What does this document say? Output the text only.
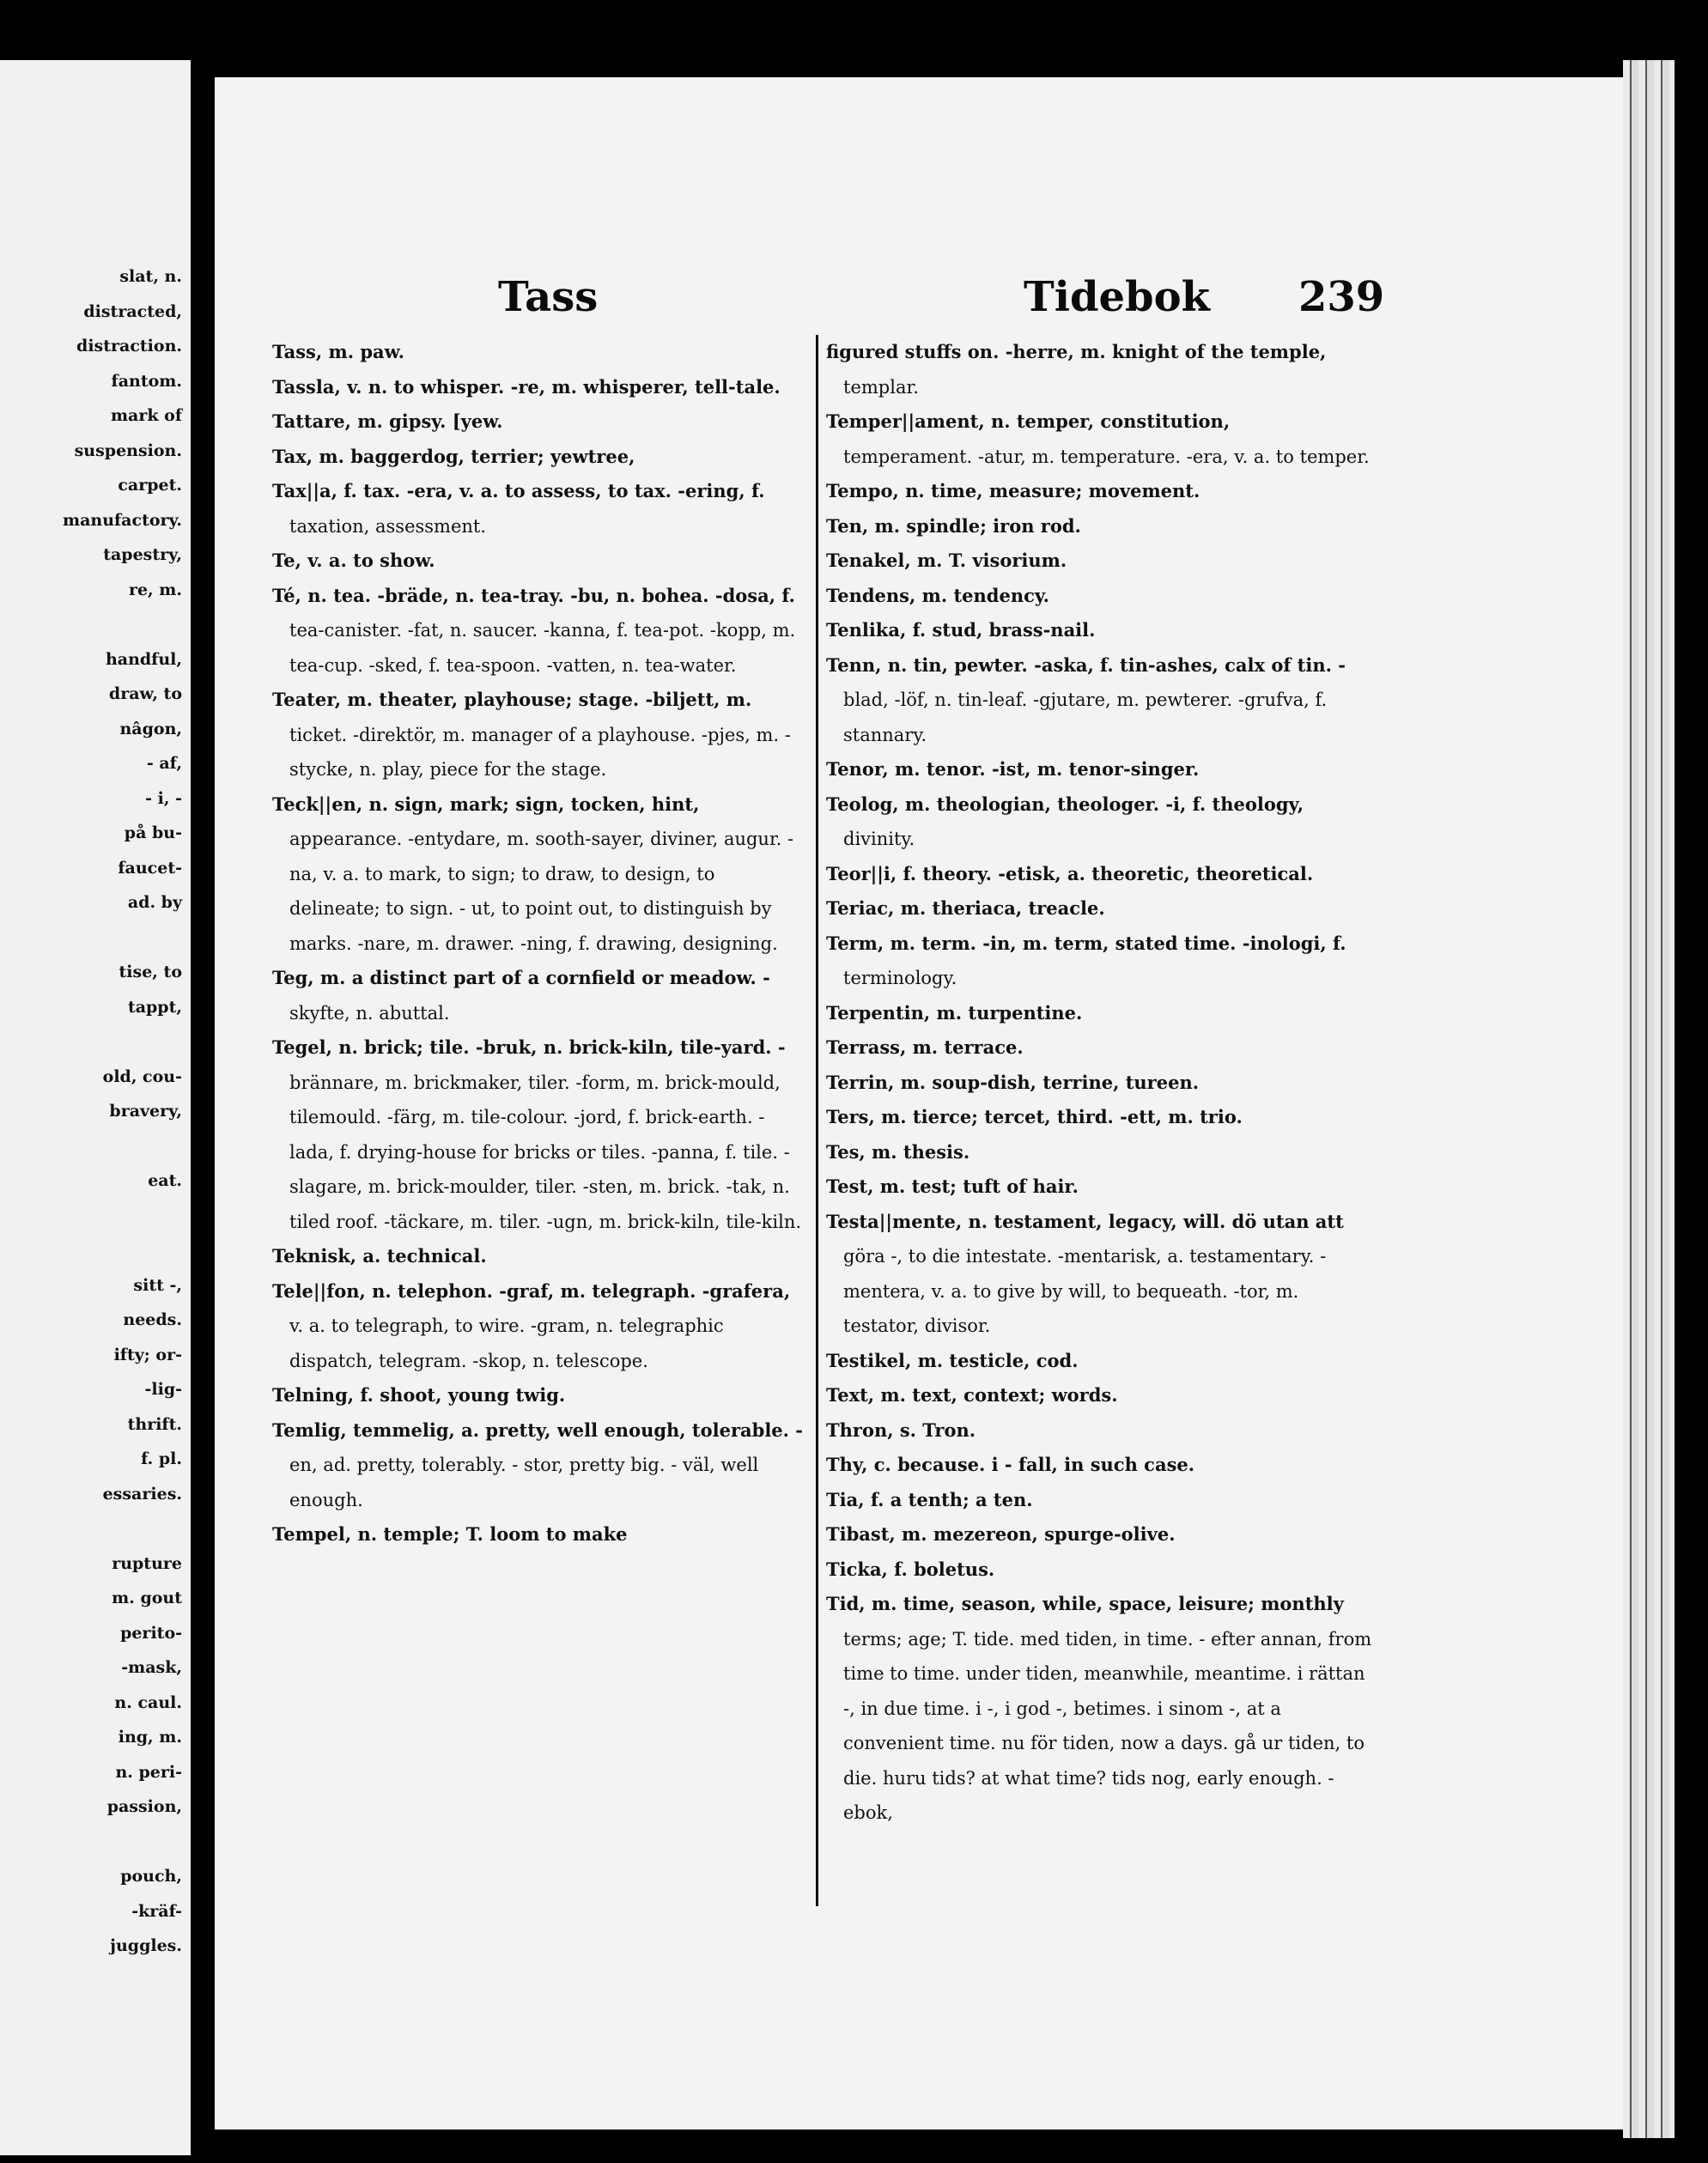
slat, n.
distracted,
distraction.
fantom.
mark of
suspension.
carpet.
manufactory.
tapestry,
re, m.

handful,
draw, to
nâgon,
- af,
- i, -
på bu-
faucet-
ad. by

tise, to
tappt,

old, cou-
bravery,

eat.

sitt -,
needs.
ifty; or-
-lig-
thrift.
f. pl.
essaries.

rupture
m. gout
perito-
-mask,
n. caul.
ing, m.
n. peri-
passion,

pouch,
-kräf-
juggles.
Tass	Tidebok 239
Tass, m. paw.
Tassla, v. n. to whisper. -re, m. whisperer, tell-tale.
Tattare, m. gipsy. [yew.
Tax, m. baggerdog, terrier; yewtree,
Tax||a, f. tax. -era, v. a. to assess, to tax. -ering, f. taxation, assessment.
Te, v. a. to show.
Té, n. tea. -bräde, n. tea-tray. -bu, n. bohea. -dosa, f. tea-canister. -fat, n. saucer. -kanna, f. tea-pot. -kopp, m. tea-cup. -sked, f. tea-spoon. -vatten, n. tea-water.
Teater, m. theater, playhouse; stage. -biljett, m. ticket. -direktör, m. manager of a playhouse. -pjes, m. -stycke, n. play, piece for the stage.
Teck||en, n. sign, mark; sign, tocken, hint, appearance. -entydare, m. sooth-sayer, diviner, augur. -na, v. a. to mark, to sign; to draw, to design, to delineate; to sign. - ut, to point out, to distinguish by marks. -nare, m. drawer. -ning, f. drawing, designing.
Teg, m. a distinct part of a cornfield or meadow. -skyfte, n. abuttal.
Tegel, n. brick; tile. -bruk, n. brick-kiln, tile-yard. -brännare, m. brickmaker, tiler. -form, m. brick-mould, tilemould. -färg, m. tile-colour. -jord, f. brick-earth. -lada, f. drying-house for bricks or tiles. -panna, f. tile. -slagare, m. brick-moulder, tiler. -sten, m. brick. -tak, n. tiled roof. -täckare, m. tiler. -ugn, m. brick-kiln, tile-kiln.
Teknisk, a. technical.
Tele||fon, n. telephon. -graf, m. telegraph. -grafera, v. a. to telegraph, to wire. -gram, n. telegraphic dispatch, telegram. -skop, n. telescope.
Telning, f. shoot, young twig.
Temlig, temmelig, a. pretty, well enough, tolerable. -en, ad. pretty, tolerably. - stor, pretty big. - väl, well enough.
Tempel, n. temple; T. loom to make
figured stuffs on. -herre, m. knight of the temple, templar.
Temper||ament, n. temper, constitution, temperament. -atur, m. temperature. -era, v. a. to temper.
Tempo, n. time, measure; movement.
Ten, m. spindle; iron rod.
Tenakel, m. T. visorium.
Tendens, m. tendency.
Tenlika, f. stud, brass-nail.
Tenn, n. tin, pewter. -aska, f. tin-ashes, calx of tin. -blad, -löf, n. tin-leaf. -gjutare, m. pewterer. -grufva, f. stannary.
Tenor, m. tenor. -ist, m. tenor-singer.
Teolog, m. theologian, theologer. -i, f. theology, divinity.
Teor||i, f. theory. -etisk, a. theoretic, theoretical.
Teriac, m. theriaca, treacle.
Term, m. term. -in, m. term, stated time. -inologi, f. terminology.
Terpentin, m. turpentine.
Terrass, m. terrace.
Terrin, m. soup-dish, terrine, tureen.
Ters, m. tierce; tercet, third. -ett, m. trio.
Tes, m. thesis.
Test, m. test; tuft of hair.
Testa||mente, n. testament, legacy, will. dö utan att göra -, to die intestate. -mentarisk, a. testamentary. -mentera, v. a. to give by will, to bequeath. -tor, m. testator, divisor.
Testikel, m. testicle, cod.
Text, m. text, context; words.
Thron, s. Tron.
Thy, c. because. i - fall, in such case.
Tia, f. a tenth; a ten.
Tibast, m. mezereon, spurge-olive.
Ticka, f. boletus.
Tid, m. time, season, while, space, leisure; monthly terms; age; T. tide. med tiden, in time. - efter annan, from time to time. under tiden, meanwhile, meantime. i rättan -, in due time. i -, i god -, betimes. i sinom -, at a convenient time. nu för tiden, now a days. gå ur tiden, to die. huru tids? at what time? tids nog, early enough. -ebok,
